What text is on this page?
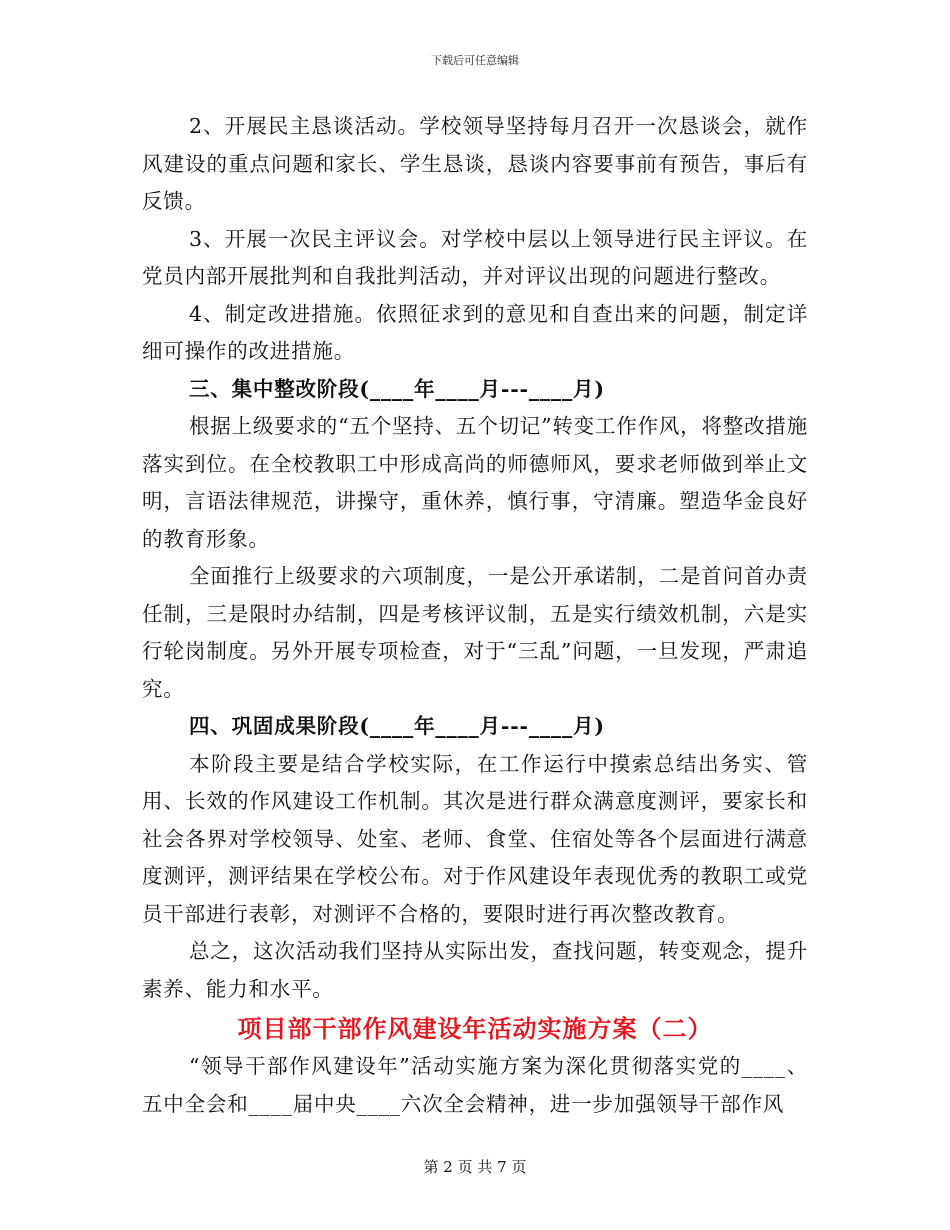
下载后可任意编辑

2、开展民主恳谈活动。学校领导坚持每月召开一次恳谈会，就作风建设的重点问题和家长、学生恳谈，恳谈内容要事前有预告，事后有反馈。

3、开展一次民主评议会。对学校中层以上领导进行民主评议。在党员内部开展批判和自我批判活动，并对评议出现的问题进行整改。

4、制定改进措施。依照征求到的意见和自查出来的问题，制定详细可操作的改进措施。

三、集中整改阶段(____年____月---____月)

根据上级要求的“五个坚持、五个切记”转变工作作风，将整改措施落实到位。在全校教职工中形成高尚的师德师风，要求老师做到举止文明，言语法律规范，讲操守，重休养，慎行事，守清廉。塑造华金良好的教育形象。

全面推行上级要求的六项制度，一是公开承诺制，二是首问首办责任制，三是限时办结制，四是考核评议制，五是实行绩效机制，六是实行轮岗制度。另外开展专项检查，对于“三乱”问题，一旦发现，严肃追究。

四、巩固成果阶段(____年____月---____月)

本阶段主要是结合学校实际，在工作运行中摸索总结出务实、管用、长效的作风建设工作机制。其次是进行群众满意度测评，要家长和社会各界对学校领导、处室、老师、食堂、住宿处等各个层面进行满意度测评，测评结果在学校公布。对于作风建设年表现优秀的教职工或党员干部进行表彰，对测评不合格的，要限时进行再次整改教育。

总之，这次活动我们坚持从实际出发，查找问题，转变观念，提升素养、能力和水平。

项目部干部作风建设年活动实施方案（二）

“领导干部作风建设年”活动实施方案为深化贯彻落实党的____、五中全会和____届中央____六次全会精神，进一步加强领导干部作风

第 2 页 共 7 页
